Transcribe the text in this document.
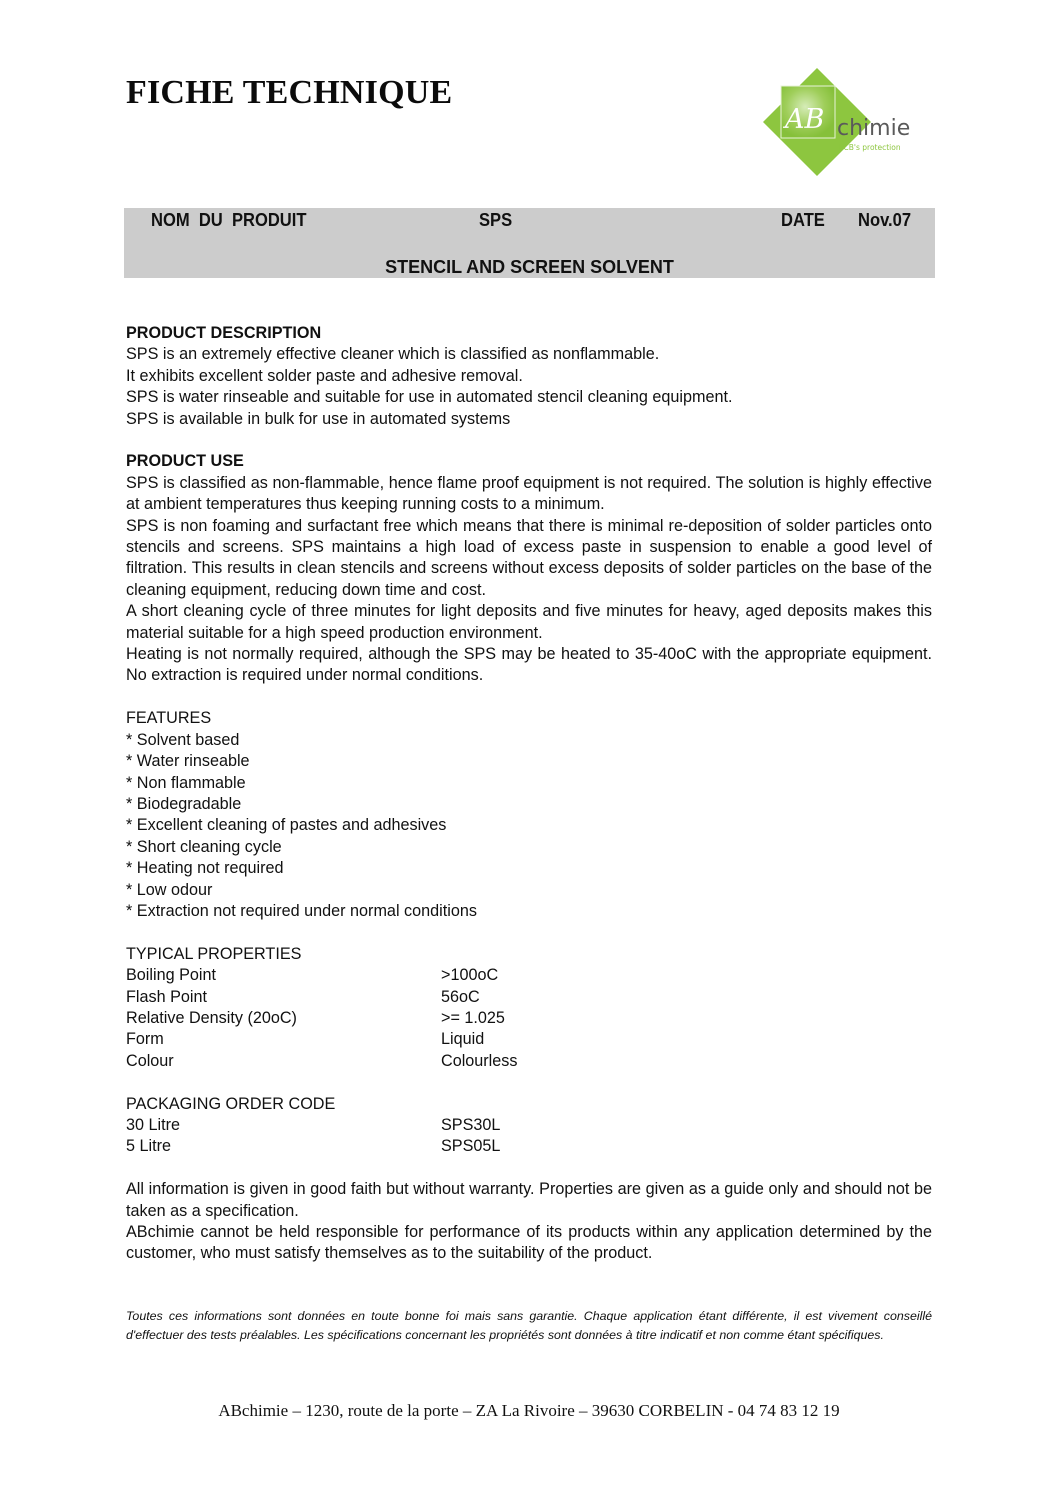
FICHE TECHNIQUE
AB chimie
PCB's protection
NOM  DU  PRODUIT	SPS	DATE Nov.07
STENCIL AND SCREEN SOLVENT
PRODUCT DESCRIPTION

SPS is an extremely effective cleaner which is classified as nonflammable.

It exhibits excellent solder paste and adhesive removal.

SPS is water rinseable and suitable for use in automated stencil cleaning equipment.

SPS is available in bulk for use in automated systems

PRODUCT USE

SPS is classified as non-flammable, hence flame proof equipment is not required. The solution is highly effective at ambient temperatures thus keeping running costs to a minimum.

SPS is non foaming and surfactant free which means that there is minimal re-deposition of solder particles onto stencils and screens. SPS maintains a high load of excess paste in suspension to enable a good level of filtration. This results in clean stencils and screens without excess deposits of solder particles on the base of the cleaning equipment, reducing down time and cost.

A short cleaning cycle of three minutes for light deposits and five minutes for heavy, aged deposits makes this material suitable for a high speed production environment.

Heating is not normally required, although the SPS may be heated to 35-40oC with the appropriate equipment. No extraction is required under normal conditions.

FEATURES

* Solvent based

* Water rinseable

* Non flammable

* Biodegradable

* Excellent cleaning of pastes and adhesives

* Short cleaning cycle

* Heating not required

* Low odour

* Extraction not required under normal conditions

TYPICAL PROPERTIES
Boiling Point	>100oC
Flash Point	56oC
Relative Density (20oC)	>= 1.025
Form	Liquid
Colour	Colourless
PACKAGING ORDER CODE
30 Litre	SPS30L
5 Litre	SPS05L

All information is given in good faith but without warranty. Properties are given as a guide only and should not be taken as a specification.

ABchimie cannot be held responsible for performance of its products within any application determined by the customer, who must satisfy themselves as to the suitability of the product.

Toutes ces informations sont données en toute bonne foi mais sans garantie. Chaque application étant différente, il est vivement conseillé d'effectuer des tests préalables. Les spécifications concernant les propriétés sont données à titre indicatif et non comme étant spécifiques.

ABchimie – 1230, route de la porte – ZA La Rivoire – 39630 CORBELIN - 04 74 83 12 19
